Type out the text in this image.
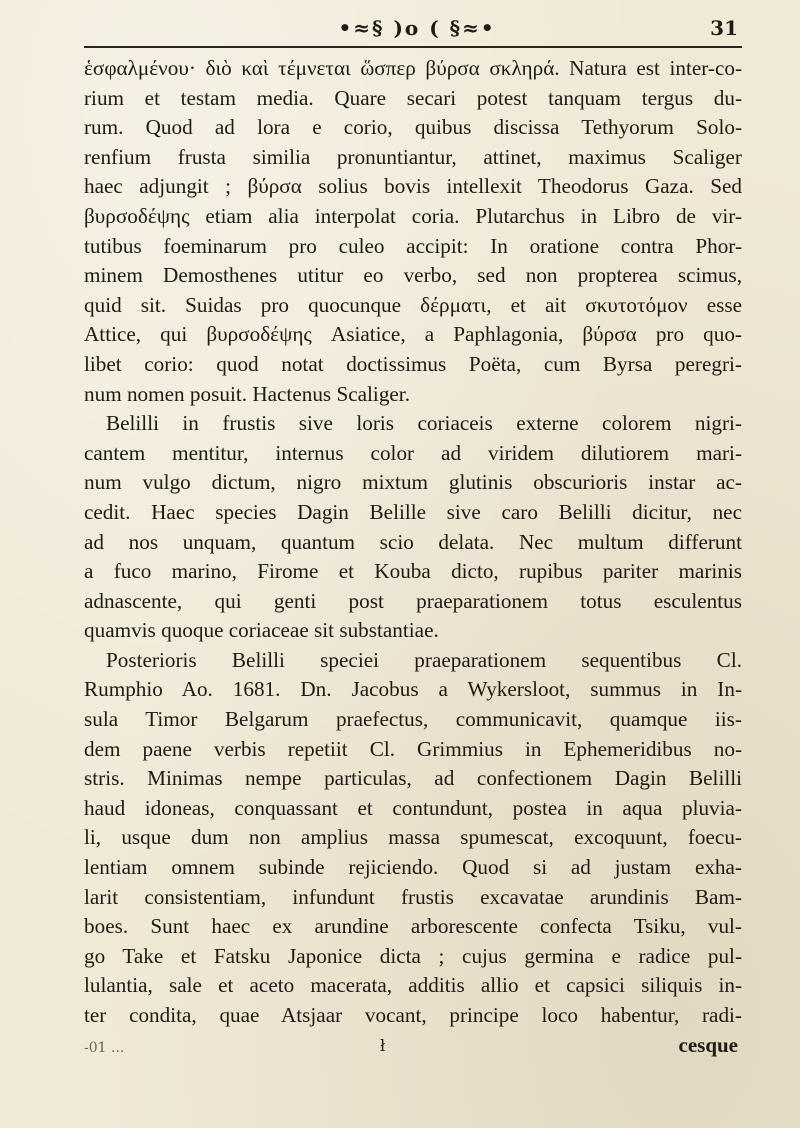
•≈§ )o ( §≈•	31
ἑσφαλμένου· διὸ καὶ τέμνεται ὥσπερ βύρσα σκληρά. Natura est inter-co-
rium et testam media. Quare secari potest tanquam tergus du-
rum. Quod ad lora e corio, quibus discissa Tethyorum Solo-
renfium frusta similia pronuntiantur, attinet, maximus Scaliger
haec adjungit ; βύρσα solius bovis intellexit Theodorus Gaza. Sed
βυρσοδέψης etiam alia interpolat coria. Plutarchus in Libro de vir-
tutibus foeminarum pro culeo accipit: In oratione contra Phor-
minem Demosthenes utitur eo verbo, sed non propterea scimus,
quid sit. Suidas pro quocunque δέρματι, et ait σκυτοτόμον esse
Attice, qui βυρσοδέψης Asiatice, a Paphlagonia, βύρσα pro quo-
libet corio: quod notat doctissimus Poëta, cum Byrsa peregri-
num nomen posuit. Hactenus Scaliger.
Belilli in frustis sive loris coriaceis externe colorem nigri-
cantem mentitur, internus color ad viridem dilutiorem mari-
num vulgo dictum, nigro mixtum glutinis obscurioris instar ac-
cedit. Haec species Dagin Belille sive caro Belilli dicitur, nec
ad nos unquam, quantum scio delata. Nec multum differunt
a fuco marino, Firome et Kouba dicto, rupibus pariter marinis
adnascente, qui genti post praeparationem totus esculentus
quamvis quoque coriaceae sit substantiae.
Posterioris Belilli speciei praeparationem sequentibus Cl.
Rumphio Ao. 1681. Dn. Jacobus a Wykersloot, summus in In-
sula Timor Belgarum praefectus, communicavit, quamque iis-
dem paene verbis repetiit Cl. Grimmius in Ephemeridibus no-
stris. Minimas nempe particulas, ad confectionem Dagin Belilli
haud idoneas, conquassant et contundunt, postea in aqua pluvia-
li, usque dum non amplius massa spumescat, excoquunt, foecu-
lentiam omnem subinde rejiciendo. Quod si ad justam exha-
larit consistentiam, infundunt frustis excavatae arundinis Bam-
boes. Sunt haec ex arundine arborescente confecta Tsiku, vul-
go Take et Fatsku Japonice dicta ; cujus germina e radice pul-
lulantia, sale et aceto macerata, additis allio et capsici siliquis in-
ter condita, quae Atsjaar vocant, principe loco habentur, radi-
cesque
-01 ...	ł
